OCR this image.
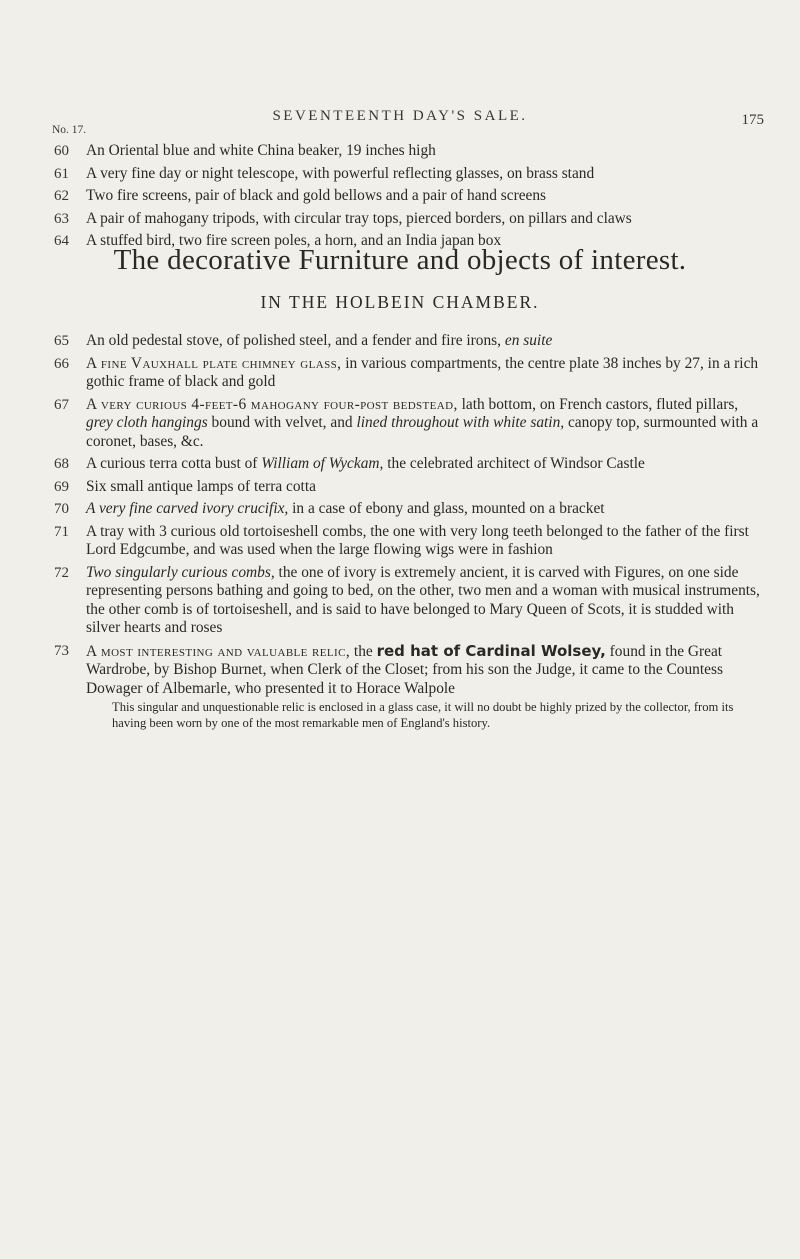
No. 17.
SEVENTEENTH DAY'S SALE.	175
60	An Oriental blue and white China beaker, 19 inches high
61	A very fine day or night telescope, with powerful reflecting glasses, on brass stand
62	Two fire screens, pair of black and gold bellows and a pair of hand screens
63	A pair of mahogany tripods, with circular tray tops, pierced borders, on pillars and claws
64	A stuffed bird, two fire screen poles, a horn, and an India japan box
The decorative Furniture and objects of interest.
IN THE HOLBEIN CHAMBER.
65	An old pedestal stove, of polished steel, and a fender and fire irons, en suite
66	A fine Vauxhall plate chimney glass, in various compartments, the centre plate 38 inches by 27, in a rich gothic frame of black and gold
67	A very curious 4-feet-6 mahogany four-post bedstead, lath bottom, on French castors, fluted pillars, grey cloth hangings bound with velvet, and lined throughout with white satin, canopy top, surmounted with a coronet, bases, &c.
68	A curious terra cotta bust of William of Wyckam, the celebrated architect of Windsor Castle
69	Six small antique lamps of terra cotta
70	A very fine carved ivory crucifix, in a case of ebony and glass, mounted on a bracket
71	A tray with 3 curious old tortoiseshell combs, the one with very long teeth belonged to the father of the first Lord Edgcumbe, and was used when the large flowing wigs were in fashion
72	Two singularly curious combs, the one of ivory is extremely ancient, it is carved with Figures, on one side representing persons bathing and going to bed, on the other, two men and a woman with musical instruments, the other comb is of tortoiseshell, and is said to have belonged to Mary Queen of Scots, it is studded with silver hearts and roses
73	A most interesting and valuable relic, the red hat of Cardinal Wolsey, found in the Great Wardrobe, by Bishop Burnet, when Clerk of the Closet; from his son the Judge, it came to the Countess Dowager of Albemarle, who presented it to Horace Walpole
This singular and unquestionable relic is enclosed in a glass case, it will no doubt be highly prized by the collector, from its having been worn by one of the most remarkable men of England's history.
